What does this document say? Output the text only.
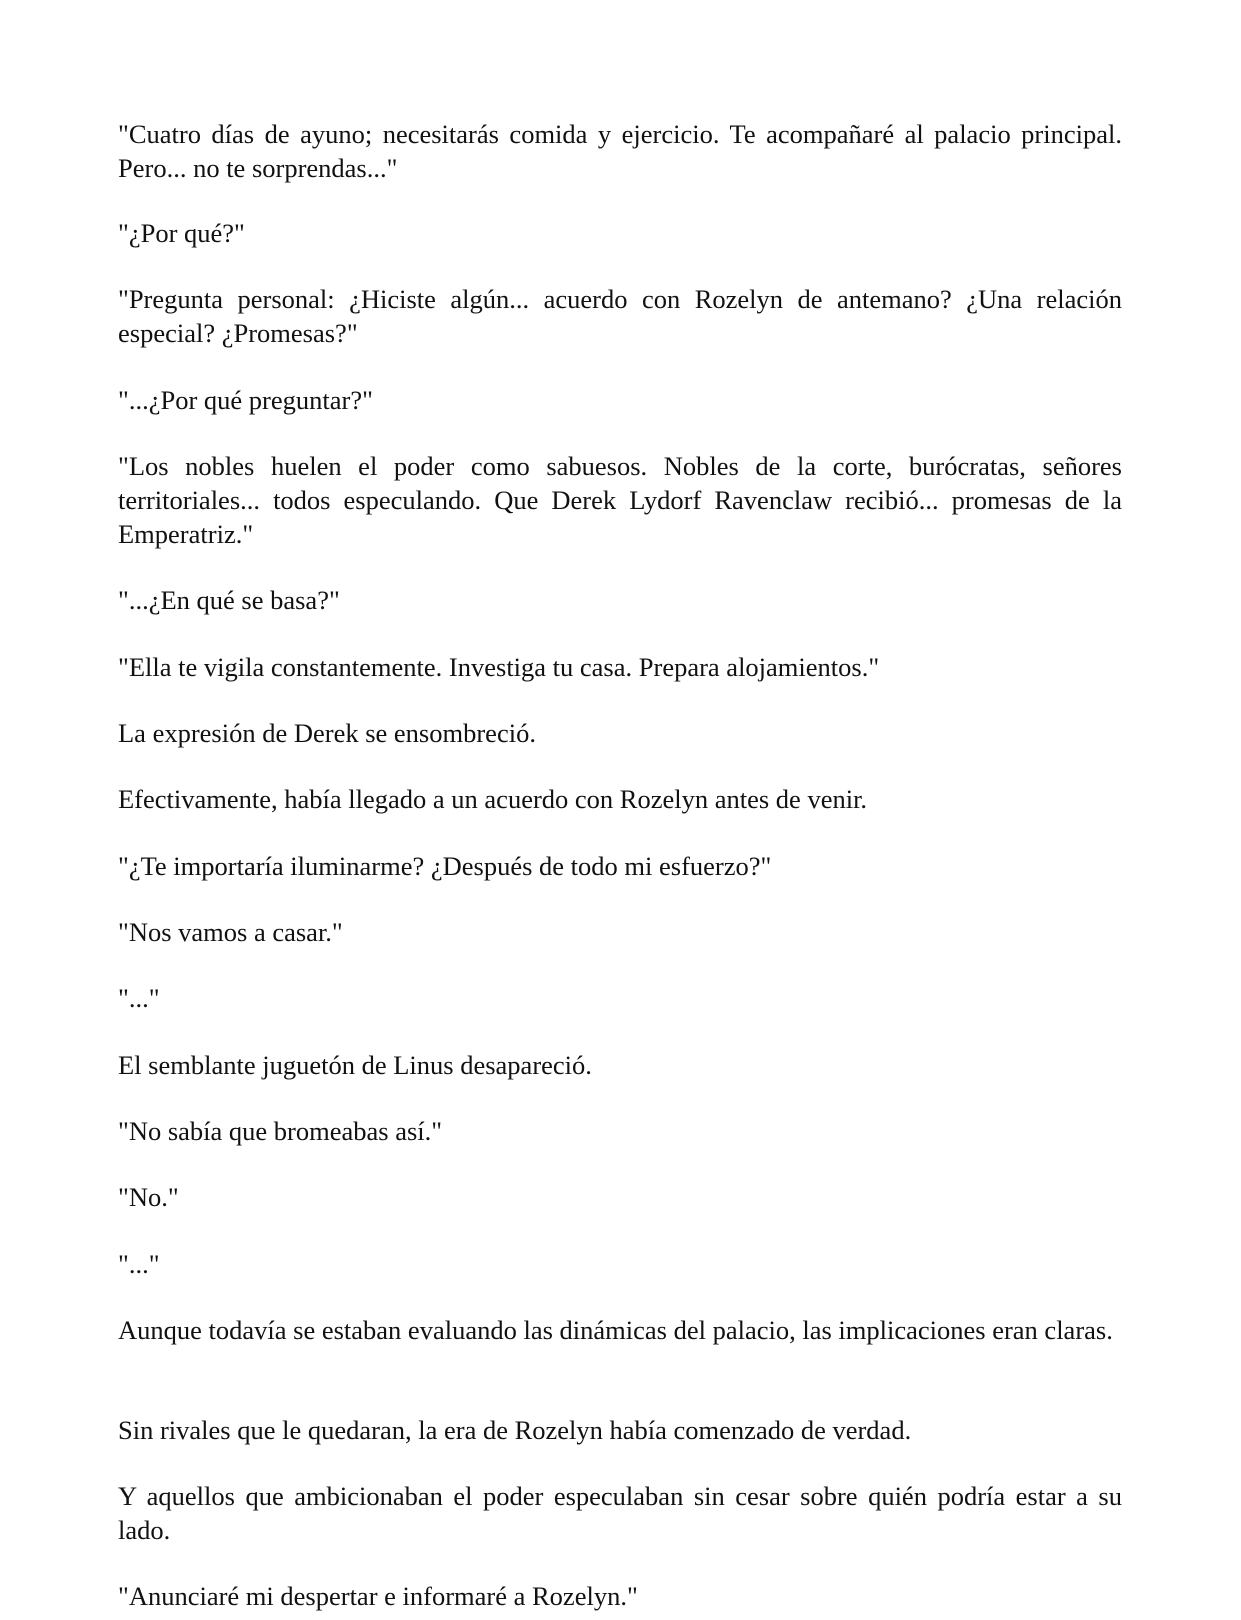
"Cuatro días de ayuno; necesitarás comida y ejercicio. Te acompañaré al palacio principal. Pero... no te sorprendas..."

"¿Por qué?"

"Pregunta personal: ¿Hiciste algún... acuerdo con Rozelyn de antemano? ¿Una relación especial? ¿Promesas?"

"...¿Por qué preguntar?"

"Los nobles huelen el poder como sabuesos. Nobles de la corte, burócratas, señores territoriales... todos especulando. Que Derek Lydorf Ravenclaw recibió... promesas de la Emperatriz."

"...¿En qué se basa?"

"Ella te vigila constantemente. Investiga tu casa. Prepara alojamientos."

La expresión de Derek se ensombreció.

Efectivamente, había llegado a un acuerdo con Rozelyn antes de venir.

"¿Te importaría iluminarme? ¿Después de todo mi esfuerzo?"

"Nos vamos a casar."

"..."

El semblante juguetón de Linus desapareció.

"No sabía que bromeabas así."

"No."

"..."

Aunque todavía se estaban evaluando las dinámicas del palacio, las implicaciones eran claras.

Sin rivales que le quedaran, la era de Rozelyn había comenzado de verdad.

Y aquellos que ambicionaban el poder especulaban sin cesar sobre quién podría estar a su lado.

"Anunciaré mi despertar e informaré a Rozelyn."
